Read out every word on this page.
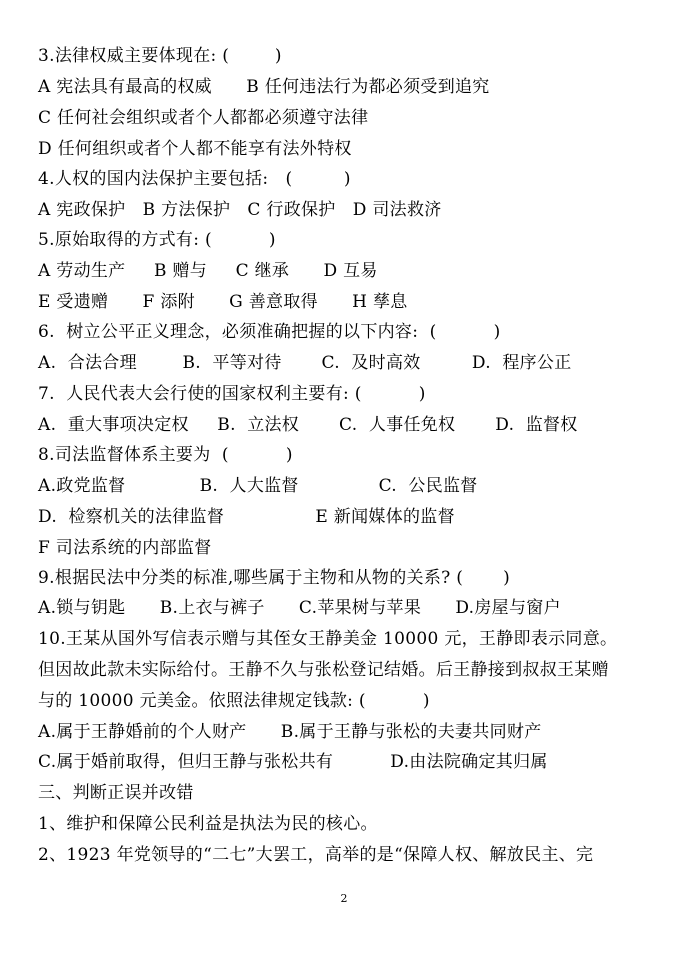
3.法律权威主要体现在: (        )
A 宪法具有最高的权威      B 任何违法行为都必须受到追究
C 任何社会组织或者个人都都必须遵守法律
D 任何组织或者个人都不能享有法外特权
4.人权的国内法保护主要包括:   (         )
A 宪政保护   B 方法保护   C 行政保护   D 司法救济
5.原始取得的方式有: (          )
A 劳动生产     B 赠与     C 继承      D 互易
E 受遗赠      F 添附      G 善意取得      H 孳息
6.  树立公平正义理念，必须准确把握的以下内容:  (          )
A.  合法合理        B.  平等对待       C.  及时高效         D.  程序公正
7.  人民代表大会行使的国家权利主要有: (          )
A.  重大事项决定权     B.  立法权       C.  人事任免权       D.  监督权
8.司法监督体系主要为  (          )
A.政党监督             B.  人大监督              C.  公民监督
D.  检察机关的法律监督                E 新闻媒体的监督
F 司法系统的内部监督
9.根据民法中分类的标准,哪些属于主物和从物的关系? (       )
A.锁与钥匙      B.上衣与裤子      C.苹果树与苹果      D.房屋与窗户
10.王某从国外写信表示赠与其侄女王静美金 10000 元，王静即表示同意。
但因故此款未实际给付。王静不久与张松登记结婚。后王静接到叔叔王某赠
与的 10000 元美金。依照法律规定钱款: (          )
A.属于王静婚前的个人财产      B.属于王静与张松的夫妻共同财产
C.属于婚前取得，但归王静与张松共有          D.由法院确定其归属
三、判断正误并改错
1、维护和保障公民利益是执法为民的核心。
2、1923 年党领导的“二七”大罢工，高举的是“保障人权、解放民主、完
2
